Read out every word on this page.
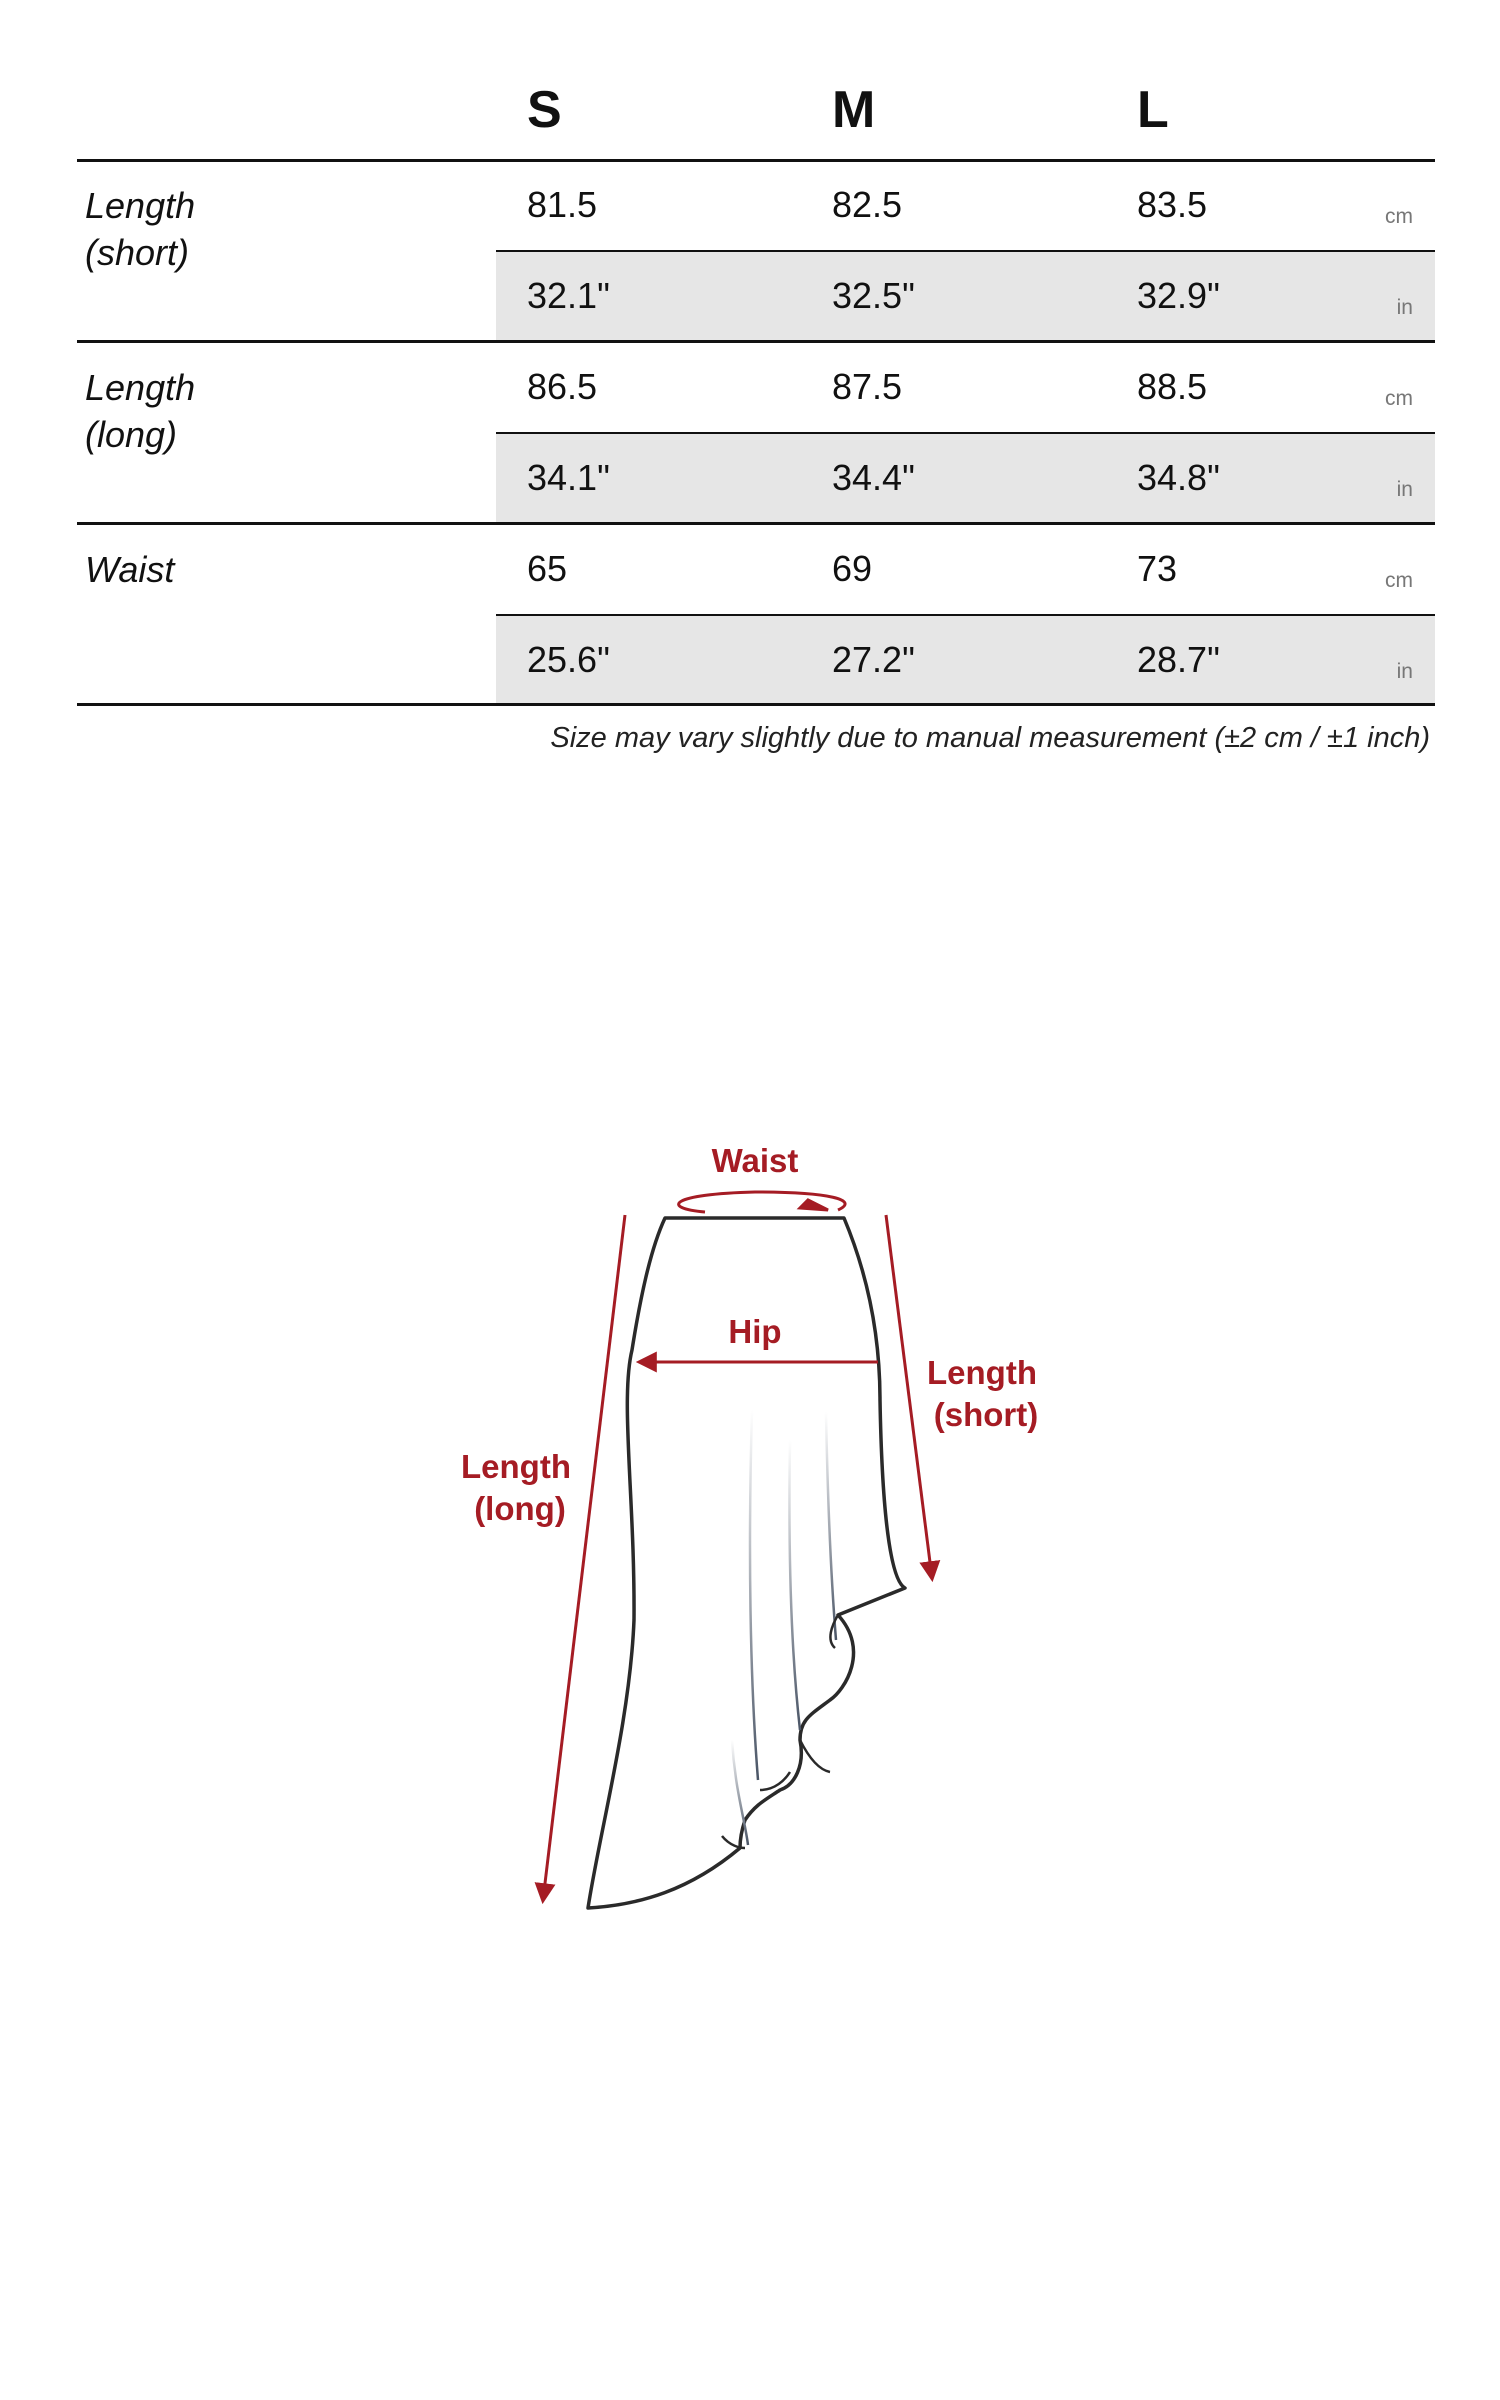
S	M	L
Length
(short)
81.5	82.5	83.5	cm
32.1"	32.5"	32.9"	in
Length
(long)
86.5	87.5	88.5	cm
34.1"	34.4"	34.8"	in
Waist	65	69	73	cm
25.6"	27.2"	28.7"	in
Size may vary slightly due to manual measurement (±2 cm / ±1 inch)
Waist
Hip
Length
(short)
Length
(long)
